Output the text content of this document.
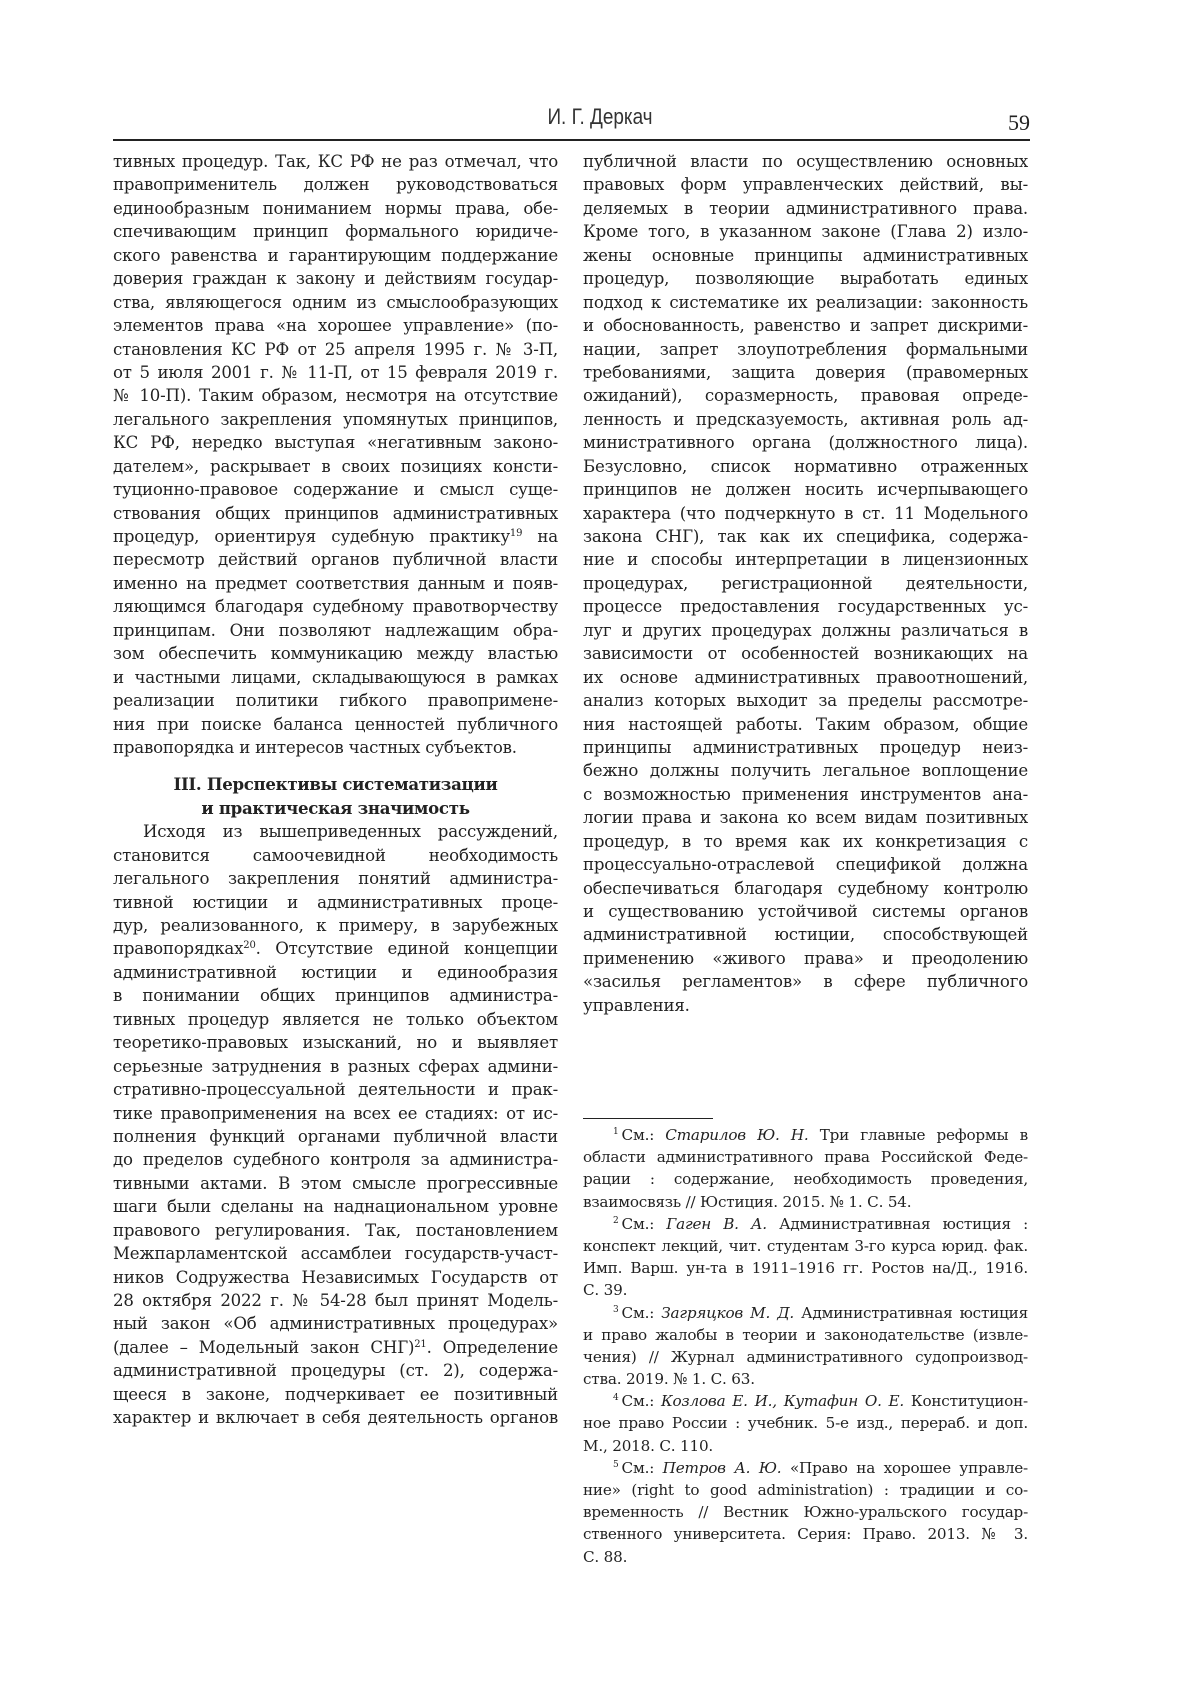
И. Г. Деркач	59
тивных процедур. Так, КС РФ не раз отмечал, что
правоприменитель должен руководствоваться
единообразным пониманием нормы права, обе-
спечивающим принцип формального юридиче-
ского равенства и гарантирующим поддержание
доверия граждан к закону и действиям государ-
ства, являющегося одним из смыслообразующих
элементов права «на хорошее управление» (по-
становления КС РФ от 25 апреля 1995 г. № 3-П,
от 5 июля 2001 г. № 11-П, от 15 февраля 2019 г.
№ 10-П). Таким образом, несмотря на отсутствие
легального закрепления упомянутых принципов,
КС РФ, нередко выступая «негативным законо-
дателем», раскрывает в своих позициях консти-
туционно-правовое содержание и смысл суще-
ствования общих принципов административных
процедур, ориентируя судебную практику$^{19}$ на
пересмотр действий органов публичной власти
именно на предмет соответствия данным и появ-
ляющимся благодаря судебному правотворчеству
принципам. Они позволяют надлежащим обра-
зом обеспечить коммуникацию между властью
и частными лицами, складывающуюся в рамках
реализации политики гибкого правопримене-
ния при поиске баланса ценностей публичного
правопорядка и интересов частных субъектов.
III. Перспективы систематизации
и практическая значимость
Исходя из вышеприведенных рассуждений,
становится самоочевидной необходимость
легального закрепления понятий администра-
тивной юстиции и административных проце-
дур, реализованного, к примеру, в зарубежных
правопорядках$^{20}$. Отсутствие единой концепции
административной юстиции и единообразия
в понимании общих принципов администра-
тивных процедур является не только объектом
теоретико-правовых изысканий, но и выявляет
серьезные затруднения в разных сферах админи-
стративно-процессуальной деятельности и прак-
тике правоприменения на всех ее стадиях: от ис-
полнения функций органами публичной власти
до пределов судебного контроля за администра-
тивными актами. В этом смысле прогрессивные
шаги были сделаны на наднациональном уровне
правового регулирования. Так, постановлением
Межпарламентской ассамблеи государств-участ-
ников Содружества Независимых Государств от
28 октября 2022 г. № 54-28 был принят Модель-
ный закон «Об административных процедурах»
(далее – Модельный закон СНГ)$^{21}$. Определение
административной процедуры (ст. 2), содержа-
щееся в законе, подчеркивает ее позитивный
характер и включает в себя деятельность органов
публичной власти по осуществлению основных
правовых форм управленческих действий, вы-
деляемых в теории административного права.
Кроме того, в указанном законе (Глава 2) изло-
жены основные принципы административных
процедур, позволяющие выработать единых
подход к систематике их реализации: законность
и обоснованность, равенство и запрет дискрими-
нации, запрет злоупотребления формальными
требованиями, защита доверия (правомерных
ожиданий), соразмерность, правовая опреде-
ленность и предсказуемость, активная роль ад-
министративного органа (должностного лица).
Безусловно, список нормативно отраженных
принципов не должен носить исчерпывающего
характера (что подчеркнуто в ст. 11 Модельного
закона СНГ), так как их специфика, содержа-
ние и способы интерпретации в лицензионных
процедурах, регистрационной деятельности,
процессе предоставления государственных ус-
луг и других процедурах должны различаться в
зависимости от особенностей возникающих на
их основе административных правоотношений,
анализ которых выходит за пределы рассмотре-
ния настоящей работы. Таким образом, общие
принципы административных процедур неиз-
бежно должны получить легальное воплощение
с возможностью применения инструментов ана-
логии права и закона ко всем видам позитивных
процедур, в то время как их конкретизация с
процессуально-отраслевой спецификой должна
обеспечиваться благодаря судебному контролю
и существованию устойчивой системы органов
административной юстиции, способствующей
применению «живого права» и преодолению
«засилья регламентов» в сфере публичного
управления.
$^1$ См.: Старилов Ю. Н. Три главные реформы в
области административного права Российской Феде-
рации : содержание, необходимость проведения,
взаимосвязь // Юстиция. 2015. № 1. С. 54.
$^2$ См.: Гаген В. А. Административная юстиция :
конспект лекций, чит. студентам 3-го курса юрид. фак.
Имп. Варш. ун-та в 1911–1916 гг. Ростов на/Д., 1916.
С. 39.
$^3$ См.: Загряцков М. Д. Административная юстиция
и право жалобы в теории и законодательстве (извле-
чения) // Журнал административного судопроизвод-
ства. 2019. № 1. С. 63.
$^4$ См.: Козлова Е. И., Кутафин О. Е. Конституцион-
ное право России : учебник. 5-е изд., перераб. и доп.
М., 2018. С. 110.
$^5$ См.: Петров А. Ю. «Право на хорошее управле-
ние» (right to good administration) : традиции и со-
временность // Вестник Южно-уральского государ-
ственного университета. Серия: Право. 2013. № 3.
С. 88.
